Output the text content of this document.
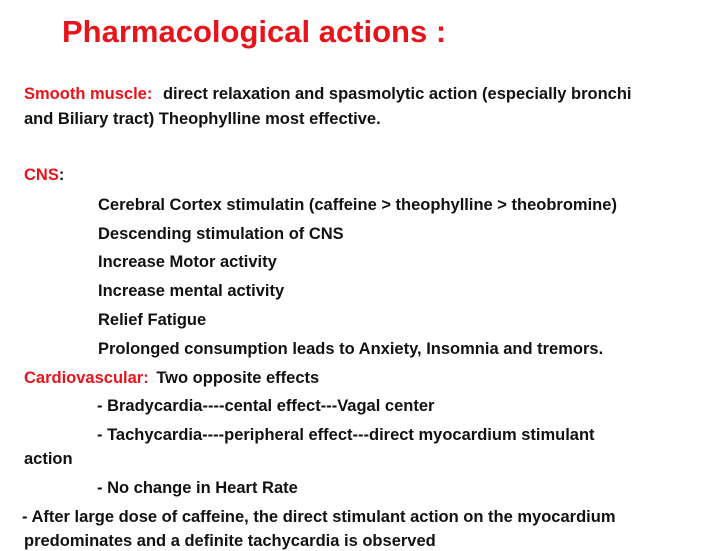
Pharmacological actions :
Smooth muscle: direct relaxation and spasmolytic action (especially bronchi
and Biliary tract) Theophylline most effective.
CNS:
Cerebral Cortex stimulatin (caffeine > theophylline > theobromine)
Descending stimulation of CNS
Increase Motor activity
Increase mental activity
Relief Fatigue
Prolonged consumption leads to Anxiety, Insomnia and tremors.
Cardiovascular: Two opposite effects
- Bradycardia----cental effect---Vagal center
- Tachycardia----peripheral effect---direct myocardium stimulant
action
- No change in Heart Rate
- After large dose of caffeine, the direct stimulant action on the myocardium
predominates and a definite tachycardia is observed
